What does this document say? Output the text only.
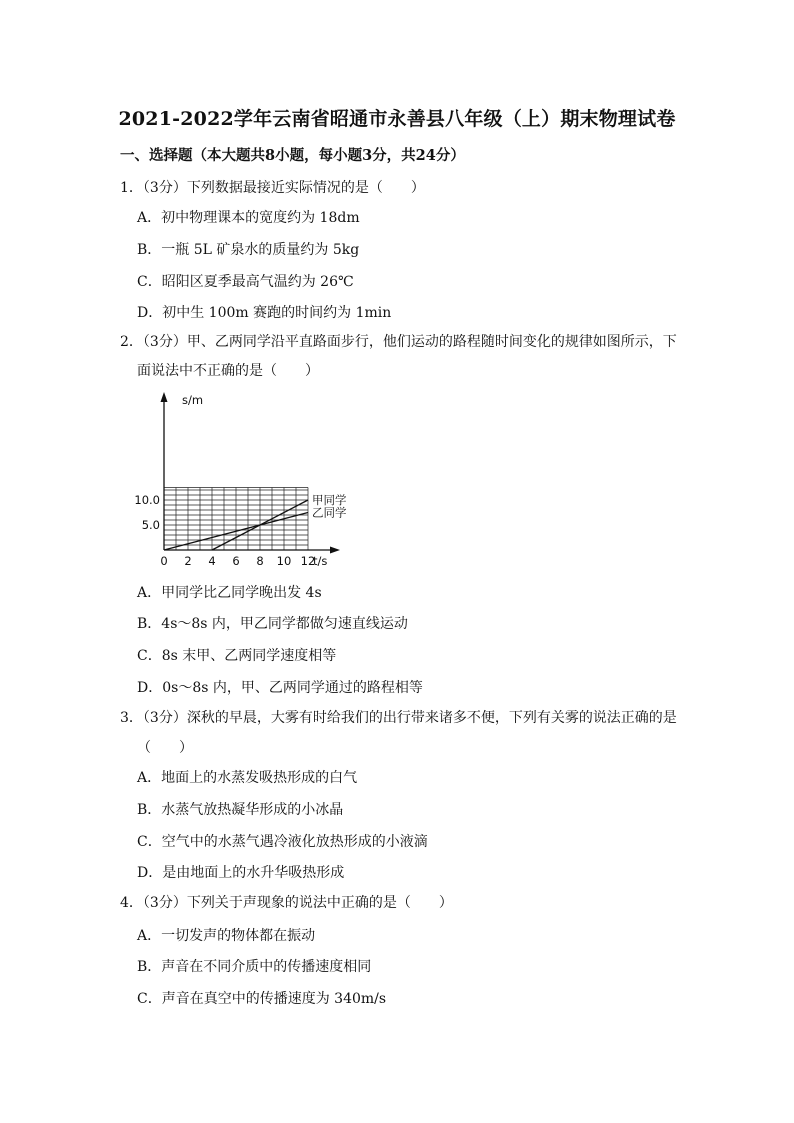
2021-2022学年云南省昭通市永善县八年级（上）期末物理试卷
一、选择题（本大题共8小题，每小题3分，共24分）
1．（3分）下列数据最接近实际情况的是（　　）
A．初中物理课本的宽度约为 18dm
B．一瓶 5L 矿泉水的质量约为 5kg
C．昭阳区夏季最高气温约为 26℃
D．初中生 100m 赛跑的时间约为 1min
2．（3分）甲、乙两同学沿平直路面步行，他们运动的路程随时间变化的规律如图所示，下
面说法中不正确的是（　　）
s/m
t/s
0 2 4 6 8 10 12
5.0
10.0	甲同学
乙同学
A．甲同学比乙同学晚出发 4s
B．4s～8s 内，甲乙同学都做匀速直线运动
C．8s 末甲、乙两同学速度相等
D．0s～8s 内，甲、乙两同学通过的路程相等
3．（3分）深秋的早晨，大雾有时给我们的出行带来诸多不便，下列有关雾的说法正确的是
（　　）
A．地面上的水蒸发吸热形成的白气
B．水蒸气放热凝华形成的小冰晶
C．空气中的水蒸气遇冷液化放热形成的小液滴
D．是由地面上的水升华吸热形成
4．（3分）下列关于声现象的说法中正确的是（　　）
A．一切发声的物体都在振动
B．声音在不同介质中的传播速度相同
C．声音在真空中的传播速度为 340m/s
